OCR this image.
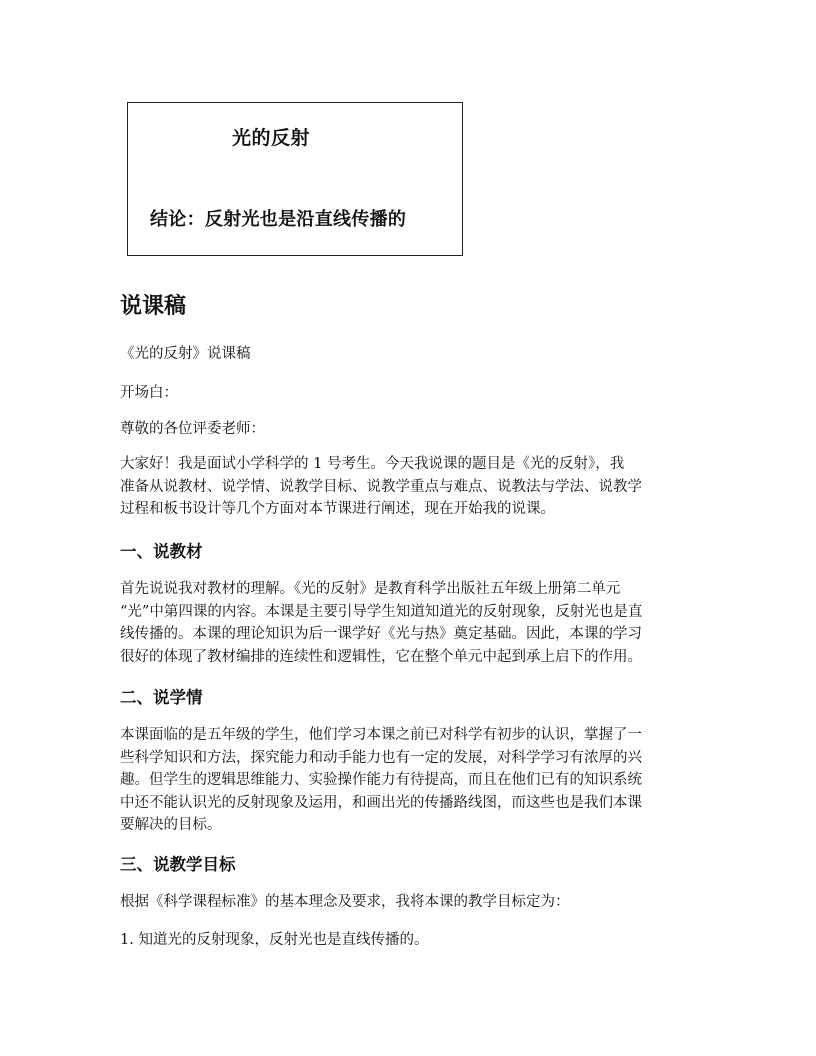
光的反射
结论：反射光也是沿直线传播的
说课稿

《光的反射》说课稿

开场白：

尊敬的各位评委老师：

大家好！我是面试小学科学的 1 号考生。今天我说课的题目是《光的反射》，我
准备从说教材、说学情、说教学目标、说教学重点与难点、说教法与学法、说教学
过程和板书设计等几个方面对本节课进行阐述，现在开始我的说课。

一、说教材

首先说说我对教材的理解。《光的反射》是教育科学出版社五年级上册第二单元
“光”中第四课的内容。本课是主要引导学生知道知道光的反射现象，反射光也是直
线传播的。本课的理论知识为后一课学好《光与热》奠定基础。因此，本课的学习
很好的体现了教材编排的连续性和逻辑性，它在整个单元中起到承上启下的作用。

二、说学情

本课面临的是五年级的学生，他们学习本课之前已对科学有初步的认识，掌握了一
些科学知识和方法，探究能力和动手能力也有一定的发展，对科学学习有浓厚的兴
趣。但学生的逻辑思维能力、实验操作能力有待提高，而且在他们已有的知识系统
中还不能认识光的反射现象及运用，和画出光的传播路线图，而这些也是我们本课
要解决的目标。

三、说教学目标

根据《科学课程标准》的基本理念及要求，我将本课的教学目标定为：

1. 知道光的反射现象，反射光也是直线传播的。
